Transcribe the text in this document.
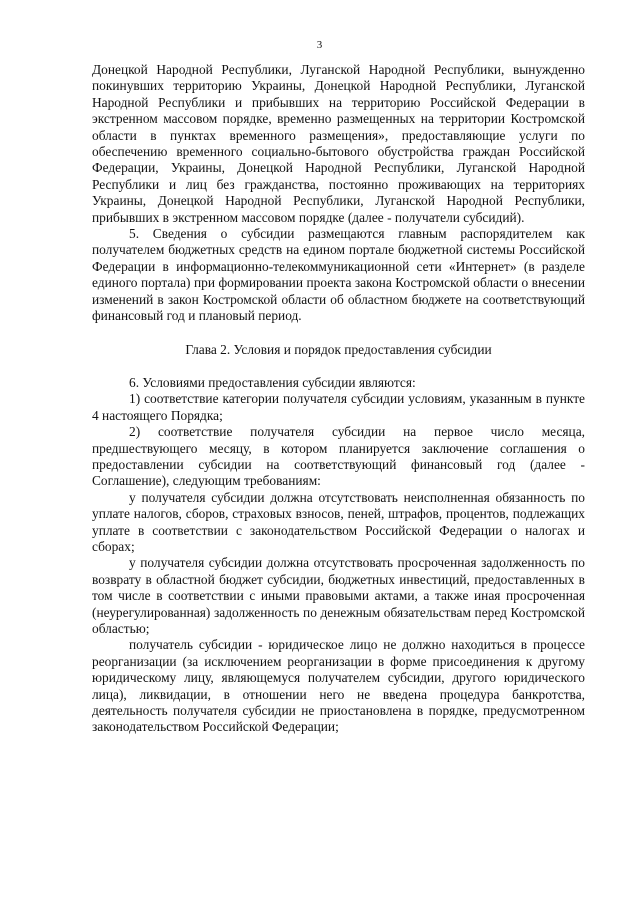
3

Донецкой Народной Республики, Луганской Народной Республики, вынужденно покинувших территорию Украины, Донецкой Народной Республики, Луганской Народной Республики и прибывших на территорию Российской Федерации в экстренном массовом порядке, временно размещенных на территории Костромской области в пунктах временного размещения», предоставляющие услуги по обеспечению временного социально-бытового обустройства граждан Российской Федерации, Украины, Донецкой Народной Республики, Луганской Народной Республики и лиц без гражданства, постоянно проживающих на территориях Украины, Донецкой Народной Республики, Луганской Народной Республики, прибывших в экстренном массовом порядке (далее - получатели субсидий).

5. Сведения о субсидии размещаются главным распорядителем как получателем бюджетных средств на едином портале бюджетной системы Российской Федерации в информационно-телекоммуникационной сети «Интернет» (в разделе единого портала) при формировании проекта закона Костромской области о внесении изменений в закон Костромской области об областном бюджете на соответствующий финансовый год и плановый период.

Глава 2. Условия и порядок предоставления субсидии

6. Условиями предоставления субсидии являются:

1) соответствие категории получателя субсидии условиям, указанным в пункте 4 настоящего Порядка;

2) соответствие получателя субсидии на первое число месяца, предшествующего месяцу, в котором планируется заключение соглашения о предоставлении субсидии на соответствующий финансовый год (далее - Соглашение), следующим требованиям:

у получателя субсидии должна отсутствовать неисполненная обязанность по уплате налогов, сборов, страховых взносов, пеней, штрафов, процентов, подлежащих уплате в соответствии с законодательством Российской Федерации о налогах и сборах;

у получателя субсидии должна отсутствовать просроченная задолженность по возврату в областной бюджет субсидии, бюджетных инвестиций, предоставленных в том числе в соответствии с иными правовыми актами, а также иная просроченная (неурегулированная) задолженность по денежным обязательствам перед Костромской областью;

получатель субсидии - юридическое лицо не должно находиться в процессе реорганизации (за исключением реорганизации в форме присоединения к другому юридическому лицу, являющемуся получателем субсидии, другого юридического лица), ликвидации, в отношении него не введена процедура банкротства, деятельность получателя субсидии не приостановлена в порядке, предусмотренном законодательством Российской Федерации;
